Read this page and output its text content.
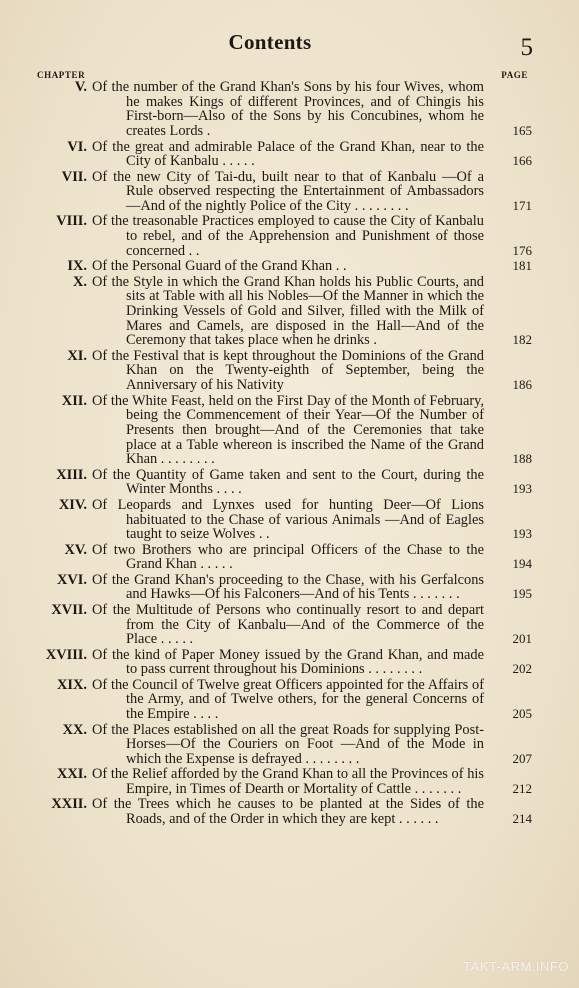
Contents	5
CHAPTER	PAGE
V. Of the number of the Grand Khan's Sons by his four Wives, whom he makes Kings of different Provinces, and of Chingis his First-born—Also of the Sons by his Concubines, whom he creates Lords .	165
VI. Of the great and admirable Palace of the Grand Khan, near to the City of Kanbalu . . . . .	166
VII. Of the new City of Tai-du, built near to that of Kanbalu —Of a Rule observed respecting the Entertainment of Ambassadors—And of the nightly Police of the City . . . . . . . .	171
VIII. Of the treasonable Practices employed to cause the City of Kanbalu to rebel, and of the Apprehension and Punishment of those concerned . .	176
IX. Of the Personal Guard of the Grand Khan . .	181
X. Of the Style in which the Grand Khan holds his Public Courts, and sits at Table with all his Nobles—Of the Manner in which the Drinking Vessels of Gold and Silver, filled with the Milk of Mares and Camels, are disposed in the Hall—And of the Ceremony that takes place when he drinks .	182
XI. Of the Festival that is kept throughout the Dominions of the Grand Khan on the Twenty-eighth of September, being the Anniversary of his Nativity	186
XII. Of the White Feast, held on the First Day of the Month of February, being the Commencement of their Year—Of the Number of Presents then brought—And of the Ceremonies that take place at a Table whereon is inscribed the Name of the Grand Khan . . . . . . . .	188
XIII. Of the Quantity of Game taken and sent to the Court, during the Winter Months . . . .	193
XIV. Of Leopards and Lynxes used for hunting Deer—Of Lions habituated to the Chase of various Animals —And of Eagles taught to seize Wolves . .	193
XV. Of two Brothers who are principal Officers of the Chase to the Grand Khan . . . . .	194
XVI. Of the Grand Khan's proceeding to the Chase, with his Gerfalcons and Hawks—Of his Falconers—And of his Tents . . . . . . .	195
XVII. Of the Multitude of Persons who continually resort to and depart from the City of Kanbalu—And of the Commerce of the Place . . . . .	201
XVIII. Of the kind of Paper Money issued by the Grand Khan, and made to pass current throughout his Dominions . . . . . . . .	202
XIX. Of the Council of Twelve great Officers appointed for the Affairs of the Army, and of Twelve others, for the general Concerns of the Empire . . . .	205
XX. Of the Places established on all the great Roads for supplying Post-Horses—Of the Couriers on Foot —And of the Mode in which the Expense is defrayed . . . . . . . .	207
XXI. Of the Relief afforded by the Grand Khan to all the Provinces of his Empire, in Times of Dearth or Mortality of Cattle . . . . . . .	212
XXII. Of the Trees which he causes to be planted at the Sides of the Roads, and of the Order in which they are kept . . . . . .	214
TAKT-ARM.INFO
